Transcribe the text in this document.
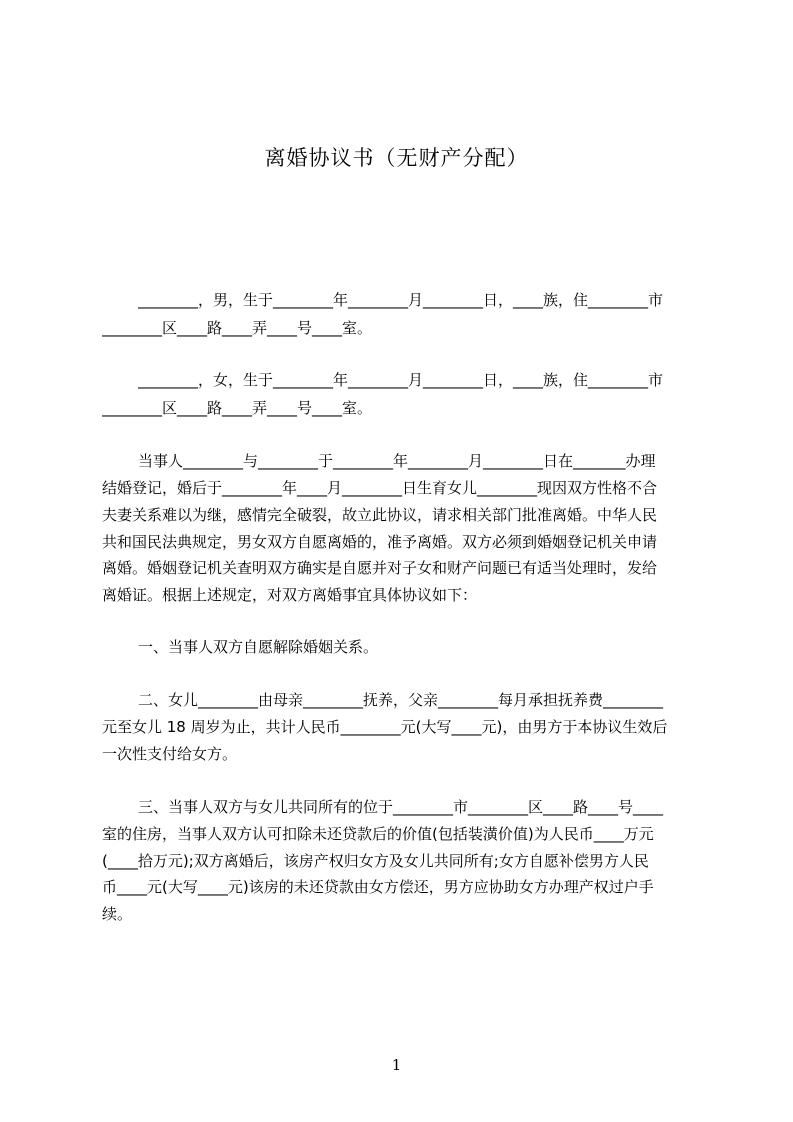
离婚协议书（无财产分配）
________，男，生于________年________月________日，____族，住________市
________区____路____弄____号____室。
________，女，生于________年________月________日，____族，住________市
________区____路____弄____号____室。
当事人________与________于________年________月________日在_______办理
结婚登记，婚后于________年____月________日生育女儿________现因双方性格不合
夫妻关系难以为继，感情完全破裂，故立此协议，请求相关部门批准离婚。中华人民
共和国民法典规定，男女双方自愿离婚的，准予离婚。双方必须到婚姻登记机关申请
离婚。婚姻登记机关查明双方确实是自愿并对子女和财产问题已有适当处理时，发给
离婚证。根据上述规定，对双方离婚事宜具体协议如下：
一、当事人双方自愿解除婚姻关系。
二、女儿________由母亲________抚养，父亲________每月承担抚养费________
元至女儿 18 周岁为止，共计人民币________元(大写____元)，由男方于本协议生效后
一次性支付给女方。
三、当事人双方与女儿共同所有的位于________市________区____路____号____
室的住房，当事人双方认可扣除未还贷款后的价值(包括装潢价值)为人民币____万元
(____拾万元);双方离婚后，该房产权归女方及女儿共同所有;女方自愿补偿男方人民
币____元(大写____元)该房的未还贷款由女方偿还，男方应协助女方办理产权过户手
续。
1
